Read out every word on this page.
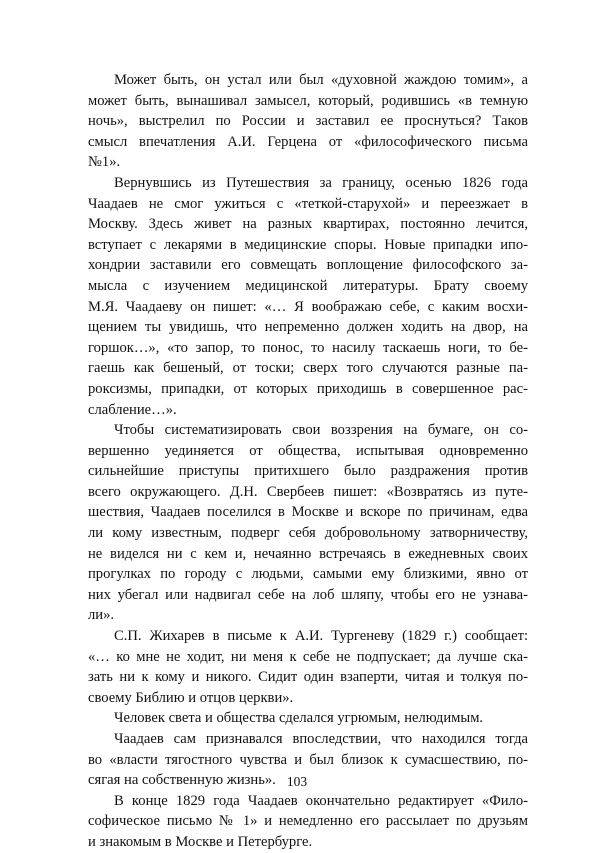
Может быть, он устал или был «духовной жаждою томим», а
может быть, вынашивал замысел, который, родившись «в темную
ночь», выстрелил по России и заставил ее проснуться? Таков
смысл впечатления А.И. Герцена от «философического письма
№1».
Вернувшись из Путешествия за границу, осенью 1826 года
Чаадаев не смог ужиться с «теткой-старухой» и переезжает в
Москву. Здесь живет на разных квартирах, постоянно лечится,
вступает с лекарями в медицинские споры. Новые припадки ипо-
хондрии заставили его совмещать воплощение философского за-
мысла с изучением медицинской литературы. Брату своему
М.Я. Чаадаеву он пишет: «… Я воображаю себе, с каким восхи-
щением ты увидишь, что непременно должен ходить на двор, на
горшок…», «то запор, то понос, то насилу таскаешь ноги, то бе-
гаешь как бешеный, от тоски; сверх того случаются разные па-
роксизмы, припадки, от которых приходишь в совершенное рас-
слабление…».
Чтобы систематизировать свои воззрения на бумаге, он со-
вершенно уединяется от общества, испытывая одновременно
сильнейшие приступы притихшего было раздражения против
всего окружающего. Д.Н. Свербеев пишет: «Возвратясь из путе-
шествия, Чаадаев поселился в Москве и вскоре по причинам, едва
ли кому известным, подверг себя добровольному затворничеству,
не виделся ни с кем и, нечаянно встречаясь в ежедневных своих
прогулках по городу с людьми, самыми ему близкими, явно от
них убегал или надвигал себе на лоб шляпу, чтобы его не узнава-
ли».
С.П. Жихарев в письме к А.И. Тургеневу (1829 г.) сообщает:
«… ко мне не ходит, ни меня к себе не подпускает; да лучше ска-
зать ни к кому и никого. Сидит один взаперти, читая и толкуя по-
своему Библию и отцов церкви».
Человек света и общества сделался угрюмым, нелюдимым.
Чаадаев сам признавался впоследствии, что находился тогда
во «власти тягостного чувства и был близок к сумасшествию, по-
сягая на собственную жизнь».
В конце 1829 года Чаадаев окончательно редактирует «Фило-
софическое письмо № 1» и немедленно его рассылает по друзьям
и знакомым в Москве и Петербурге.
103
